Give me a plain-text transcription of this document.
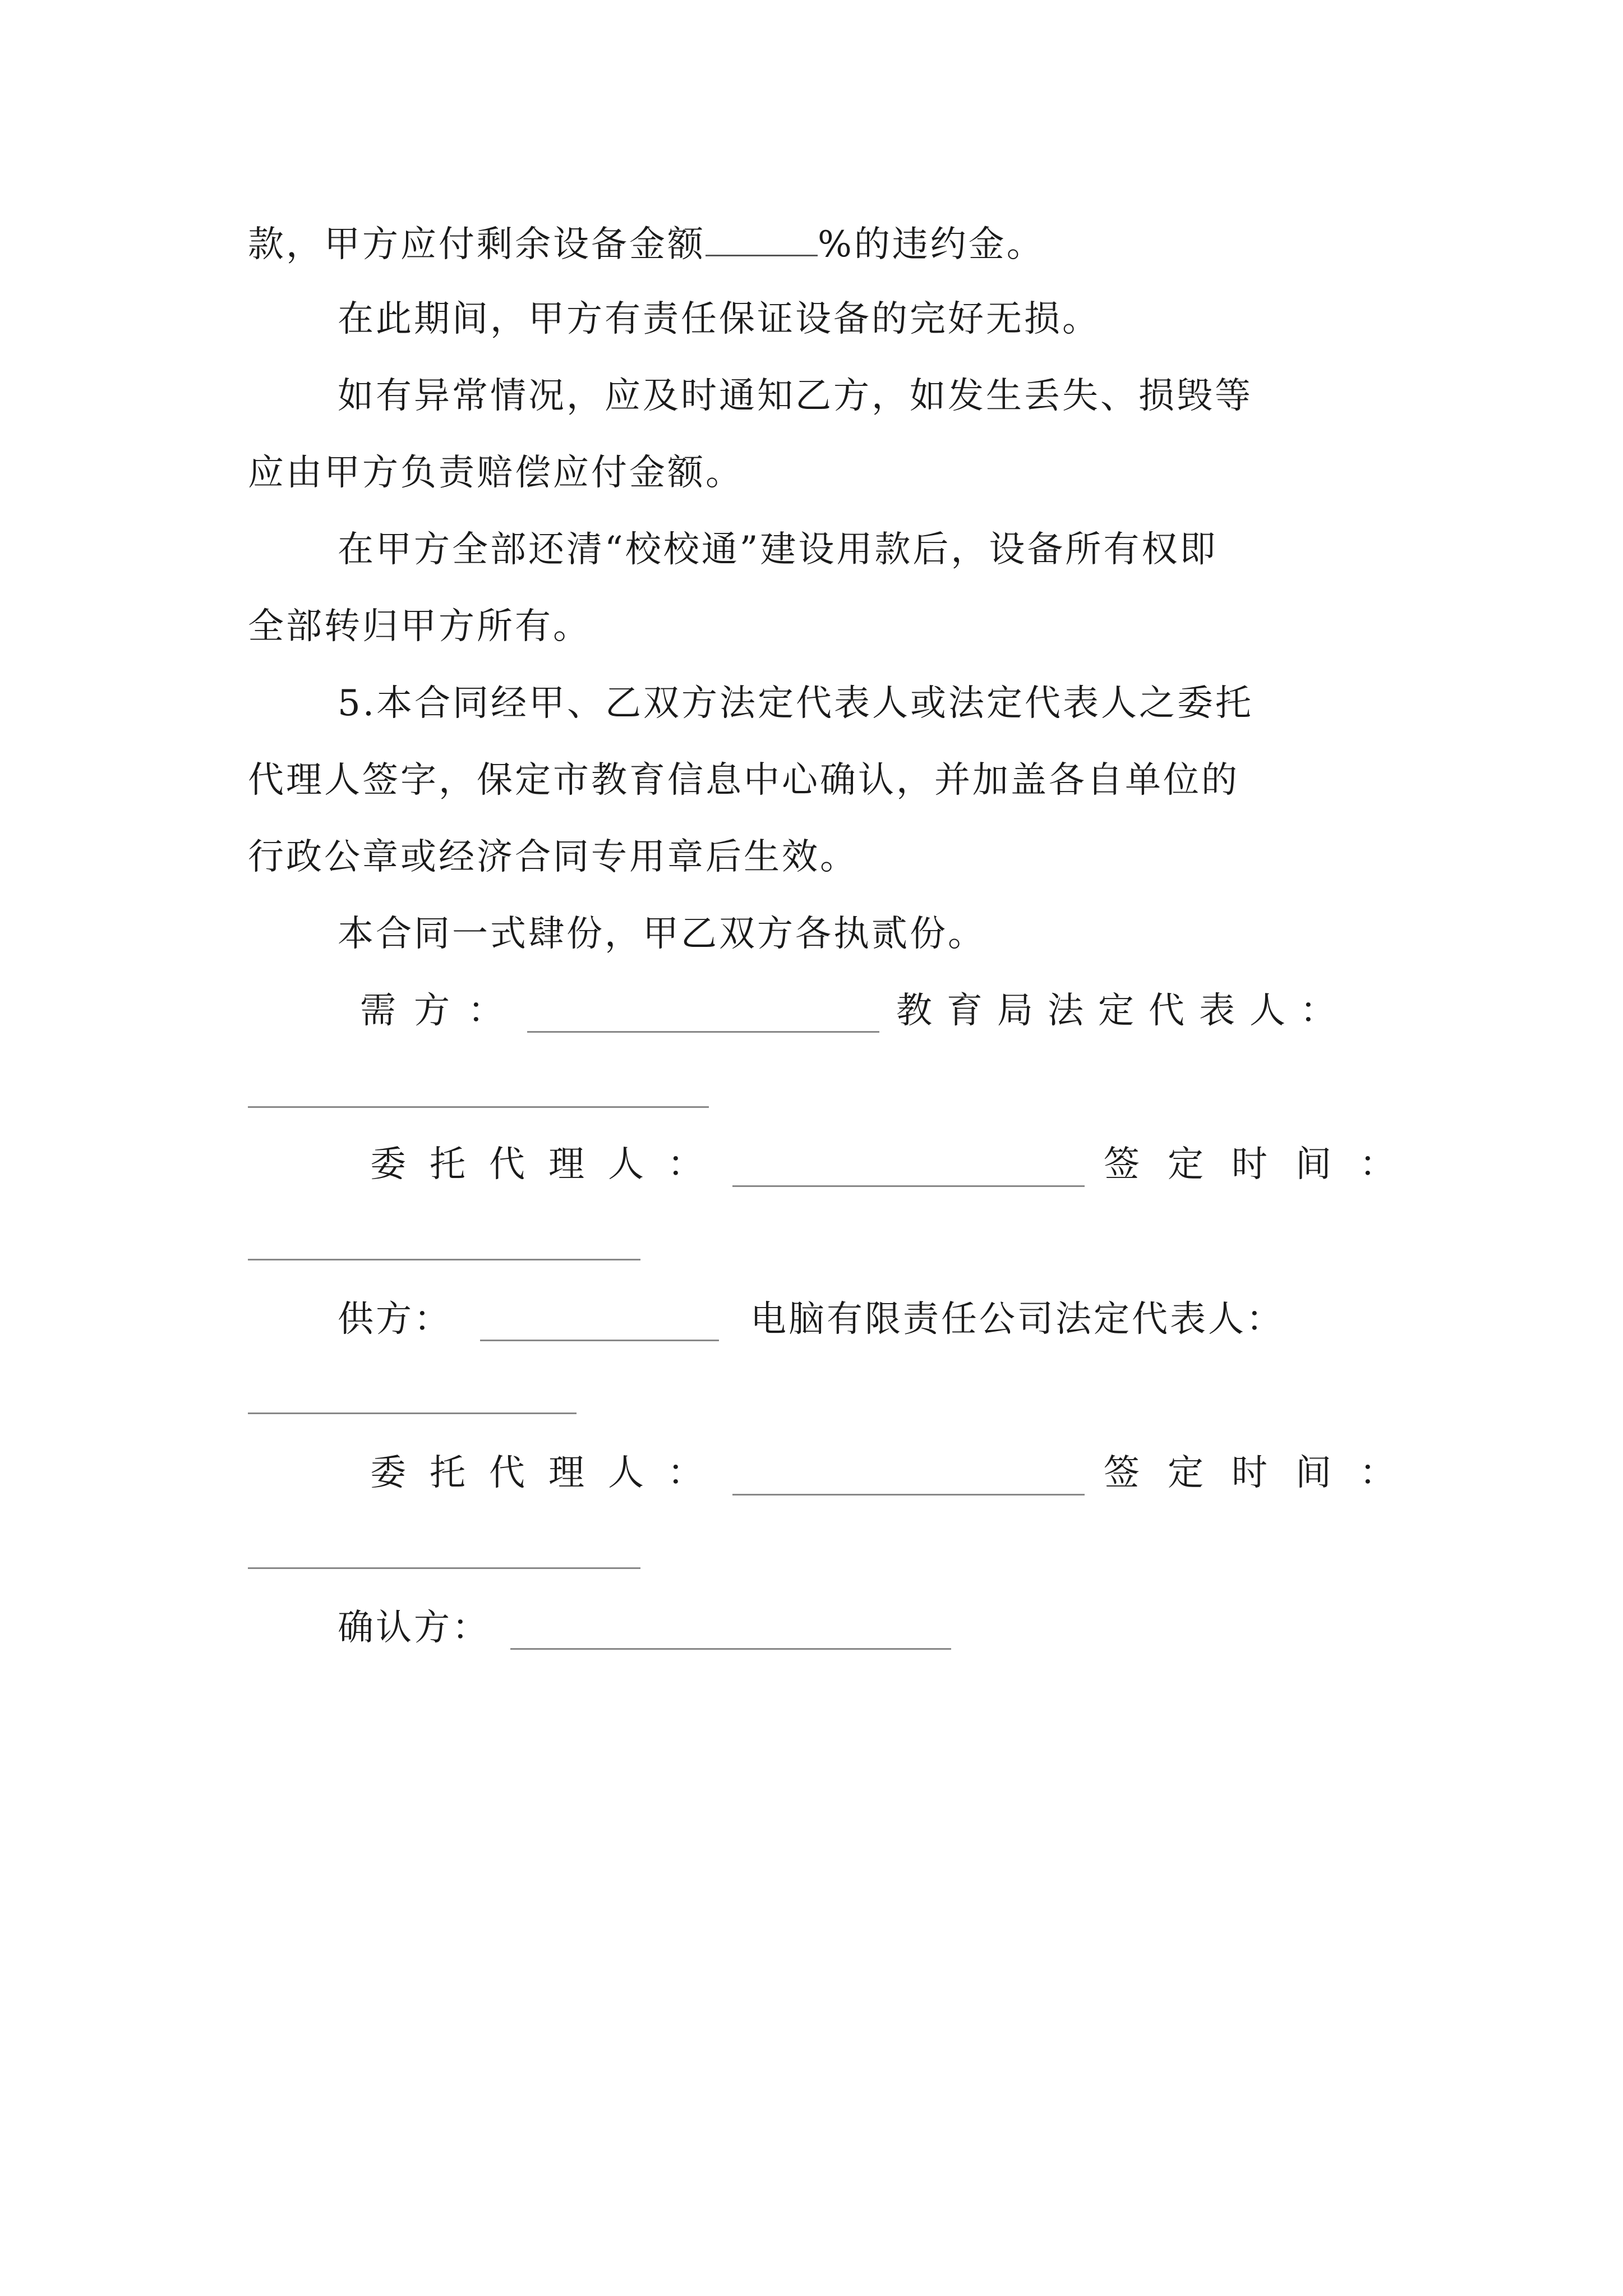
款，甲方应付剩余设备金额	%的违约金。
在此期间，甲方有责任保证设备的完好无损。
如有异常情况，应及时通知乙方，如发生丢失、损毁等
应由甲方负责赔偿应付金额。
在甲方全部还清“校校通”建设用款后，设备所有权即
全部转归甲方所有。
5.本合同经甲、乙双方法定代表人或法定代表人之委托
代理人签字，保定市教育信息中心确认，并加盖各自单位的
行政公章或经济合同专用章后生效。
本合同一式肆份，甲乙双方各执贰份。
需方：	教育局法定代表人：
委托代理人：	签定时间：
供方：	电脑有限责任公司法定代表人：
委托代理人：	签定时间：
确认方：
